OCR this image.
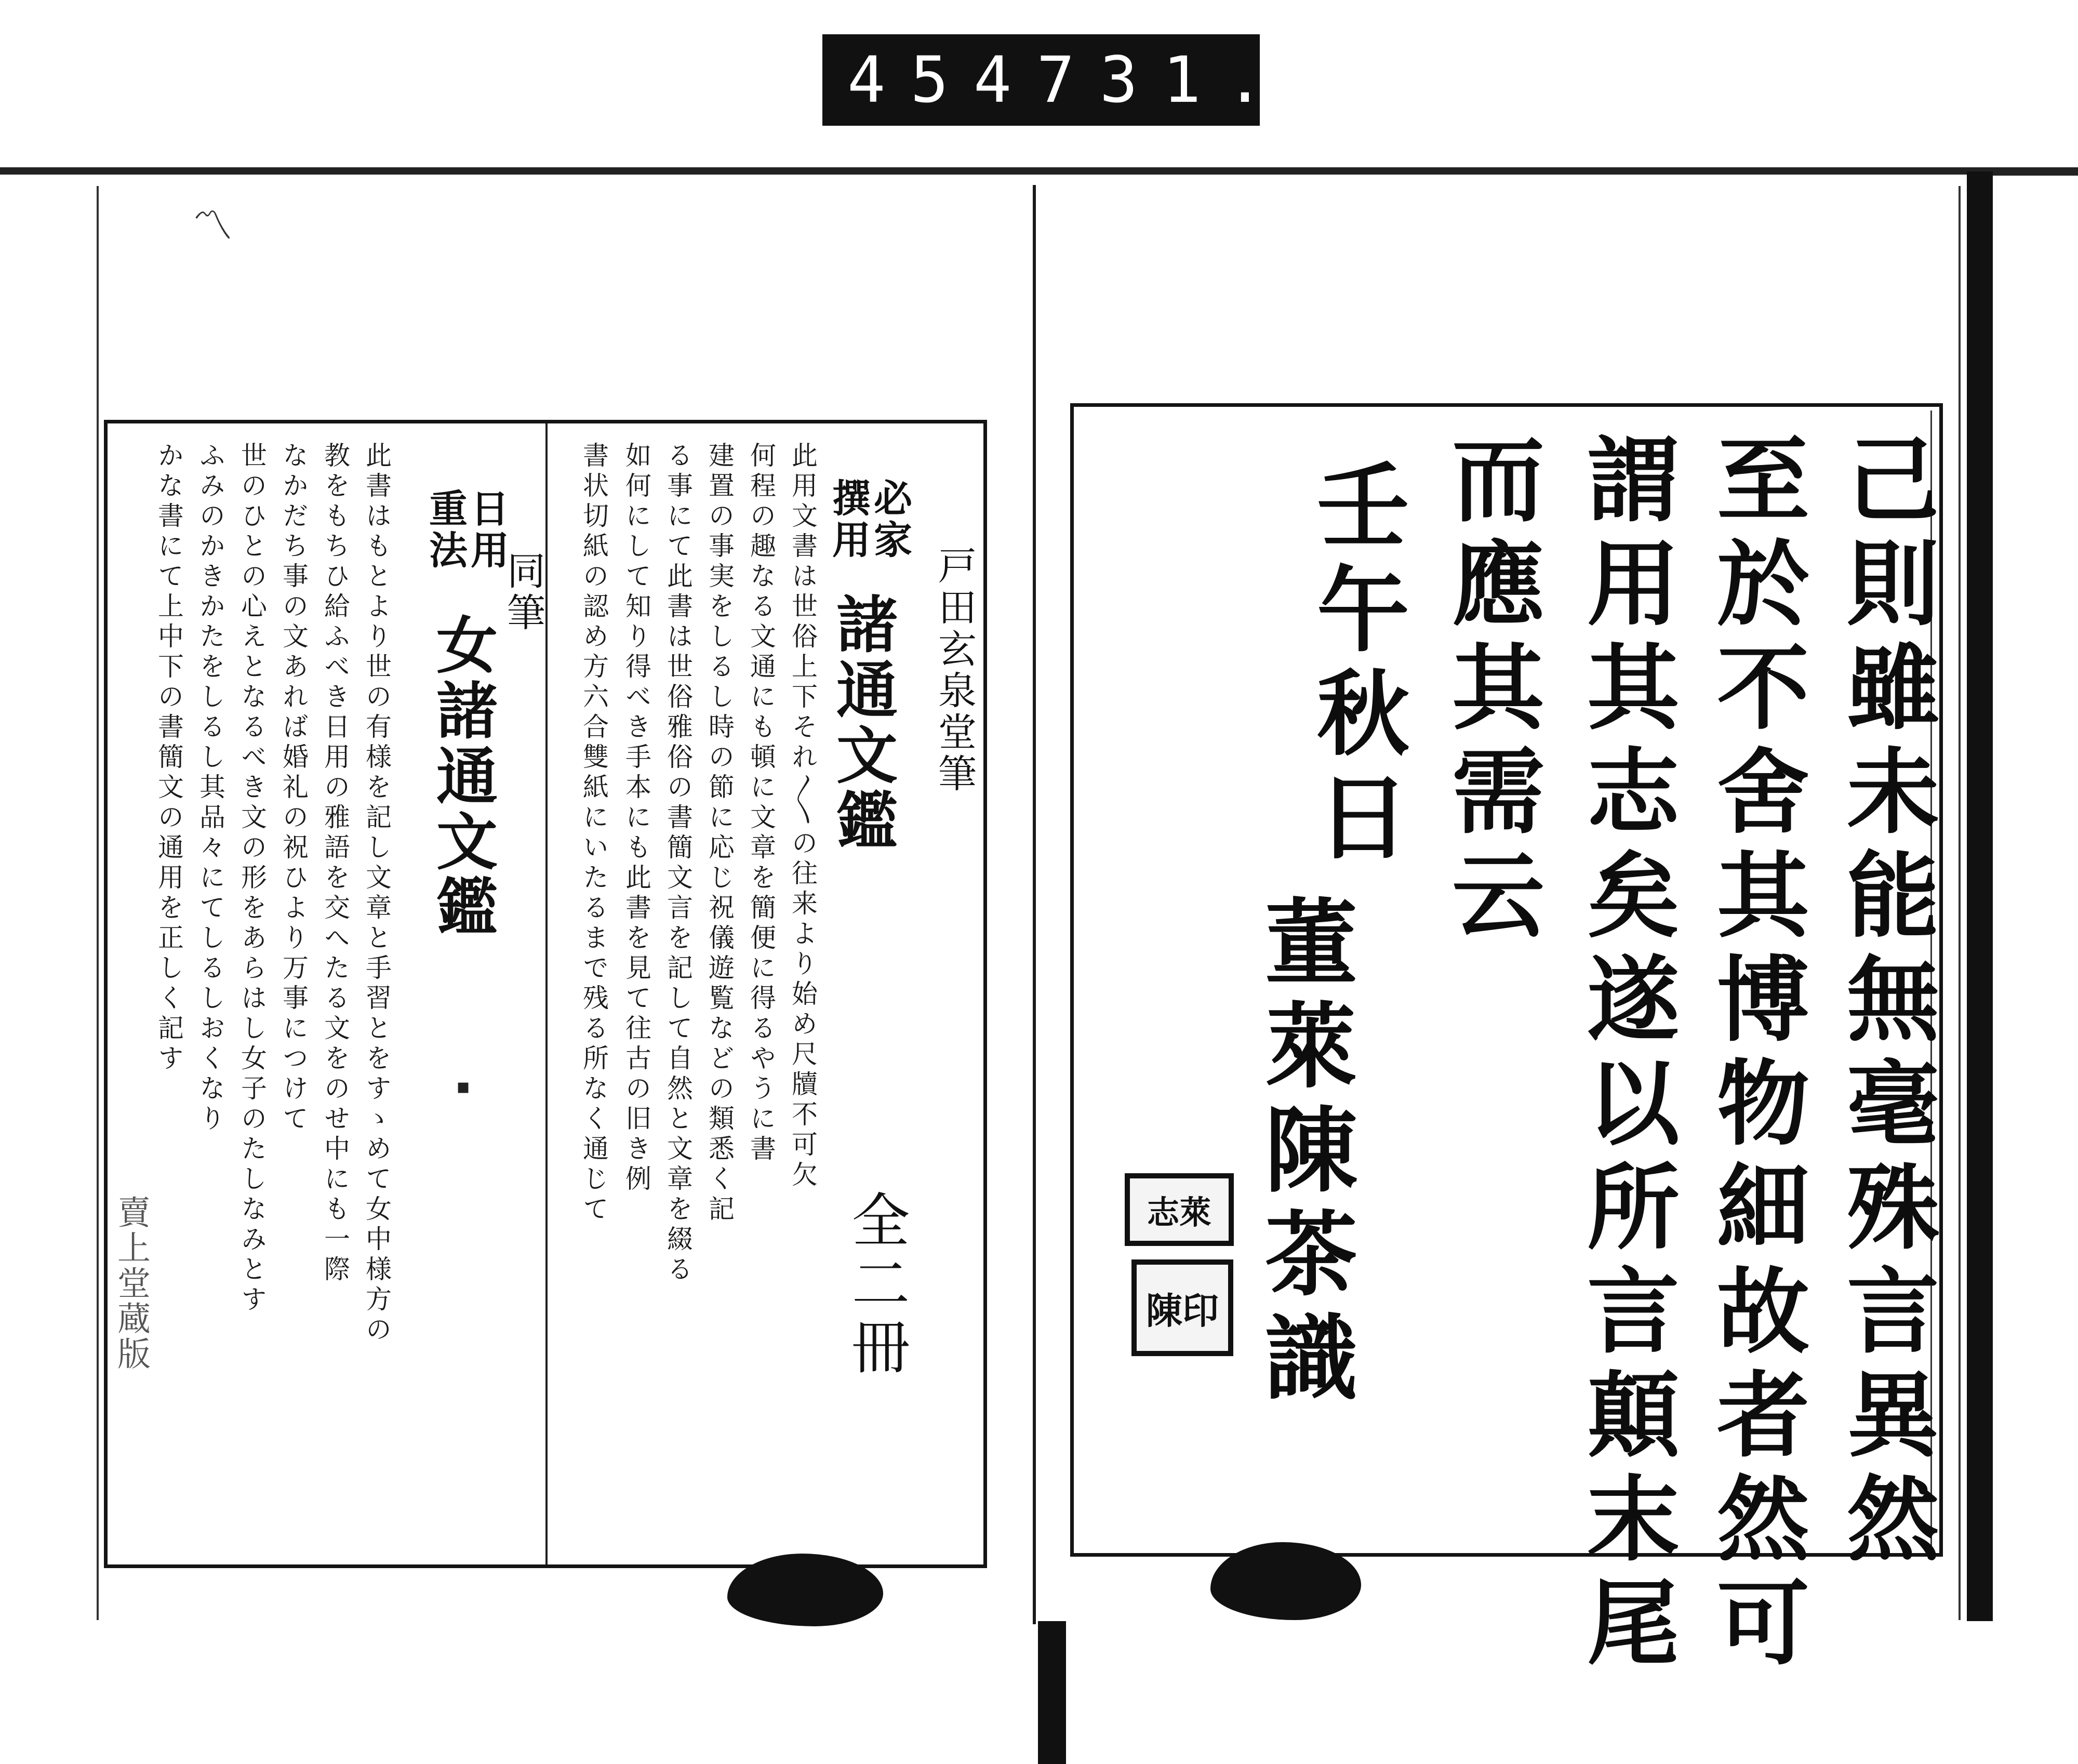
454 731.
己則雖未能無毫殊言異然
至於不舍其博物細故者然可
謂用其志矣遂以所言顛末尾
而應其需云
壬午秋日
董萊陳茶識
志萊
陳印
〽
戸田玄泉堂筆
必家
撰用
諸通文鑑
全二冊
此用文書は世俗上下それ〳〵の往来より始め尺牘不可欠
何程の趣なる文通にも頓に文章を簡便に得るやうに書
建置の事実をしるし時の節に応じ祝儀遊覧などの類悉く記
る事にて此書は世俗雅俗の書簡文言を記して自然と文章を綴る
如何にして知り得べき手本にも此書を見て往古の旧き例
書状切紙の認め方六合雙紙にいたるまで残る所なく通じて
同筆
日用
重法
女諸通文鑑
▪
此書はもとより世の有様を記し文章と手習とをすゝめて女中様方の
教をもちひ給ふべき日用の雅語を交へたる文をのせ中にも一際
なかだち事の文あれば婚礼の祝ひより万事につけて
世のひとの心えとなるべき文の形をあらはし女子のたしなみとす
ふみのかきかたをしるし其品々にてしるしおくなり
かな書にて上中下の書簡文の通用を正しく記す
賣上堂蔵版
